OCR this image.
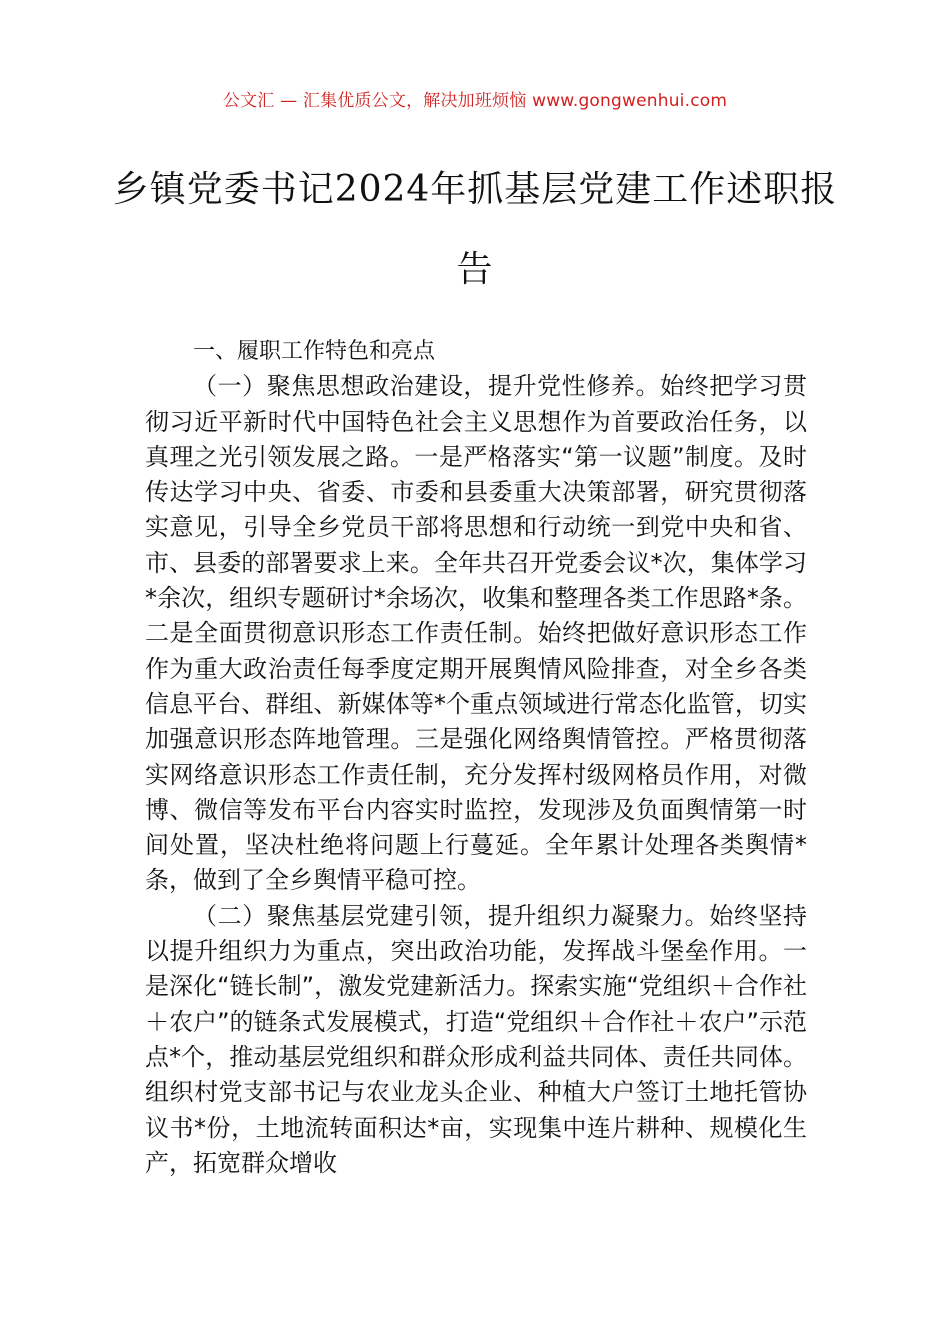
公文汇 — 汇集优质公文，解决加班烦恼 www.gongwenhui.com
乡镇党委书记2024年抓基层党建工作述职报告

一、履职工作特色和亮点

（一）聚焦思想政治建设，提升党性修养。始终把学习贯彻习近平新时代中国特色社会主义思想作为首要政治任务，以真理之光引领发展之路。一是严格落实“第一议题”制度。及时传达学习中央、省委、市委和县委重大决策部署，研究贯彻落实意见，引导全乡党员干部将思想和行动统一到党中央和省、市、县委的部署要求上来。全年共召开党委会议*次，集体学习*余次，组织专题研讨*余场次，收集和整理各类工作思路*条。二是全面贯彻意识形态工作责任制。始终把做好意识形态工作作为重大政治责任每季度定期开展舆情风险排查，对全乡各类信息平台、群组、新媒体等*个重点领域进行常态化监管，切实加强意识形态阵地管理。三是强化网络舆情管控。严格贯彻落实网络意识形态工作责任制，充分发挥村级网格员作用，对微博、微信等发布平台内容实时监控，发现涉及负面舆情第一时间处置，坚决杜绝将问题上行蔓延。全年累计处理各类舆情*条，做到了全乡舆情平稳可控。

（二）聚焦基层党建引领，提升组织力凝聚力。始终坚持以提升组织力为重点，突出政治功能，发挥战斗堡垒作用。一是深化“链长制”，激发党建新活力。探索实施“党组织＋合作社＋农户”的链条式发展模式，打造“党组织＋合作社＋农户”示范点*个，推动基层党组织和群众形成利益共同体、责任共同体。组织村党支部书记与农业龙头企业、种植大户签订土地托管协议书*份，土地流转面积达*亩，实现集中连片耕种、规模化生产，拓宽群众增收
